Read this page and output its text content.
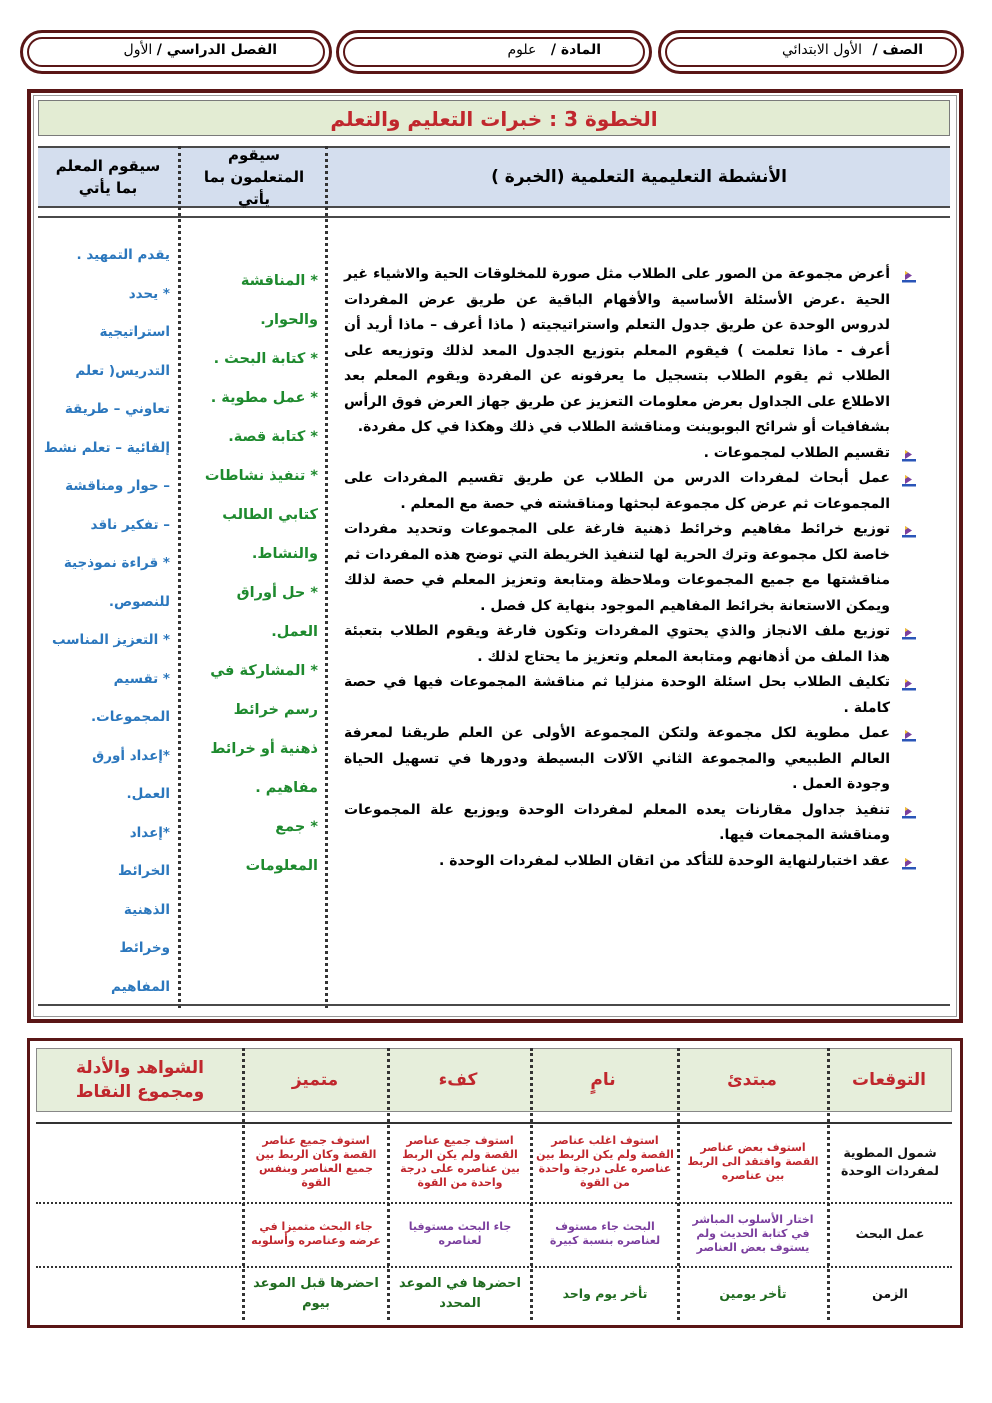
الفصل الدراسي / الأول	المادة / علوم	الصف / الأول الابتدائي
الخطوة 3 : خبرات التعليم والتعلم
الأنشطة التعليمية التعلمية (الخبرة )
سيقوم المتعلمون بما يأتي
سيقوم المعلم بما يأتي
أعرض مجموعة من الصور على الطلاب مثل صورة للمخلوقات الحية والاشياء غير الحية .عرض الأسئلة الأساسية والأفهام الباقية عن طريق عرض المفردات لدروس الوحدة عن طريق جدول التعلم واستراتيجيته ( ماذا أعرف – ماذا أريد أن أعرف - ماذا تعلمت ) فيقوم المعلم بتوزيع الجدول المعد لذلك وتوزيعه على الطلاب ثم يقوم الطلاب بتسجيل ما يعرفونه عن المفردة ويقوم المعلم بعد الاطلاع على الجداول بعرض معلومات التعزيز عن طريق جهاز العرض فوق الرأس بشفافيات أو شرائح البوبوينت ومناقشة الطلاب في ذلك وهكذا في كل مفردة.
تقسيم الطلاب لمجموعات .
عمل أبحاث لمفردات الدرس من الطلاب عن طريق تقسيم المفردات على المجموعات ثم عرض كل مجموعة لبحثها ومناقشته في حصة مع المعلم .
توزيع خرائط مفاهيم وخرائط ذهنية فارغة على المجموعات وتحديد مفردات خاصة لكل مجموعة وترك الحرية لها لتنفيذ الخريطة التي توضح هذه المفردات ثم مناقشتها مع جميع المجموعات وملاحظة ومتابعة وتعزيز المعلم في حصة لذلك ويمكن الاستعانة بخرائط المفاهيم الموجود بنهاية كل فصل .
توزيع ملف الانجاز والذي يحتوي المفردات وتكون فارغة ويقوم الطلاب بتعبئة هذا الملف من أذهانهم ومتابعة المعلم وتعزيز ما يحتاج لذلك .
تكليف الطلاب بحل اسئلة الوحدة منزليا ثم مناقشة المجموعات فيها في حصة كاملة .
عمل مطوية لكل مجموعة ولتكن المجموعة الأولى عن العلم طريقنا لمعرفة العالم الطبيعي والمجموعة الثاني الآلات البسيطة ودورها في تسهيل الحياة وجودة العمل .
تنفيذ جداول مقارنات يعده المعلم لمفردات الوحدة ويوزيع علة المجموعات ومناقشة المجمعات فيها.
عقد اختبارلنهاية الوحدة للتأكد من اتقان الطلاب لمفردات الوحدة .
* المناقشة
والحوار.
* كتابة البحث .
* عمل مطوية .
* كتابة قصة.
* تنفيذ نشاطات
كتابي الطالب
والنشاط.
* حل أوراق
العمل.
* المشاركة في
رسم خرائط
ذهنية أو خرائط
مفاهيم .
* جمع
المعلومات
يقدم التمهيد .
* يحدد
استراتيجية
التدريس( تعلم
تعاوني – طريقة
إلقائية – تعلم نشط
– حوار ومناقشة
– تفكير ناقد
* قراءة نموذجية
للنصوص.
* التعزيز المناسب
* تقسيم
المجموعات.
*إعداد أورق
العمل.
*إعداد
الخرائط
الذهنية
وخرائط
المفاهيم
التوقعات
مبتدئ
نامٍ
كفء
متميز
الشواهد والأدلة ومجموع النقاط
شمول المطوية لمفردات الوحدة
استوف بعض عناصر القصة وافتقد الى الربط بين عناصره
استوف اغلب عناصر القصة ولم يكن الربط بين عناصره على درجة واحدة من القوة
استوف جميع عناصر القصة ولم يكن الربط بين عناصره على درجة واحدة من القوة
استوف جميع عناصر القصة وكان الربط بين جميع العناصر وبنفس القوة
عمل البحث
اختار الأسلوب المباشر في كتابة الحديث ولم يستوف بعض العناصر
البحث جاء مستوف لعناصره بنسبة كبيرة
جاء البحث مستوفيا لعناصره
جاء البحث متميزا في عرضه وعناصره وأسلوبه
الزمن
تأخر يومين
تأخر يوم واحد
احضرها في الموعد المحدد
احضرها قبل الموعد بيوم
